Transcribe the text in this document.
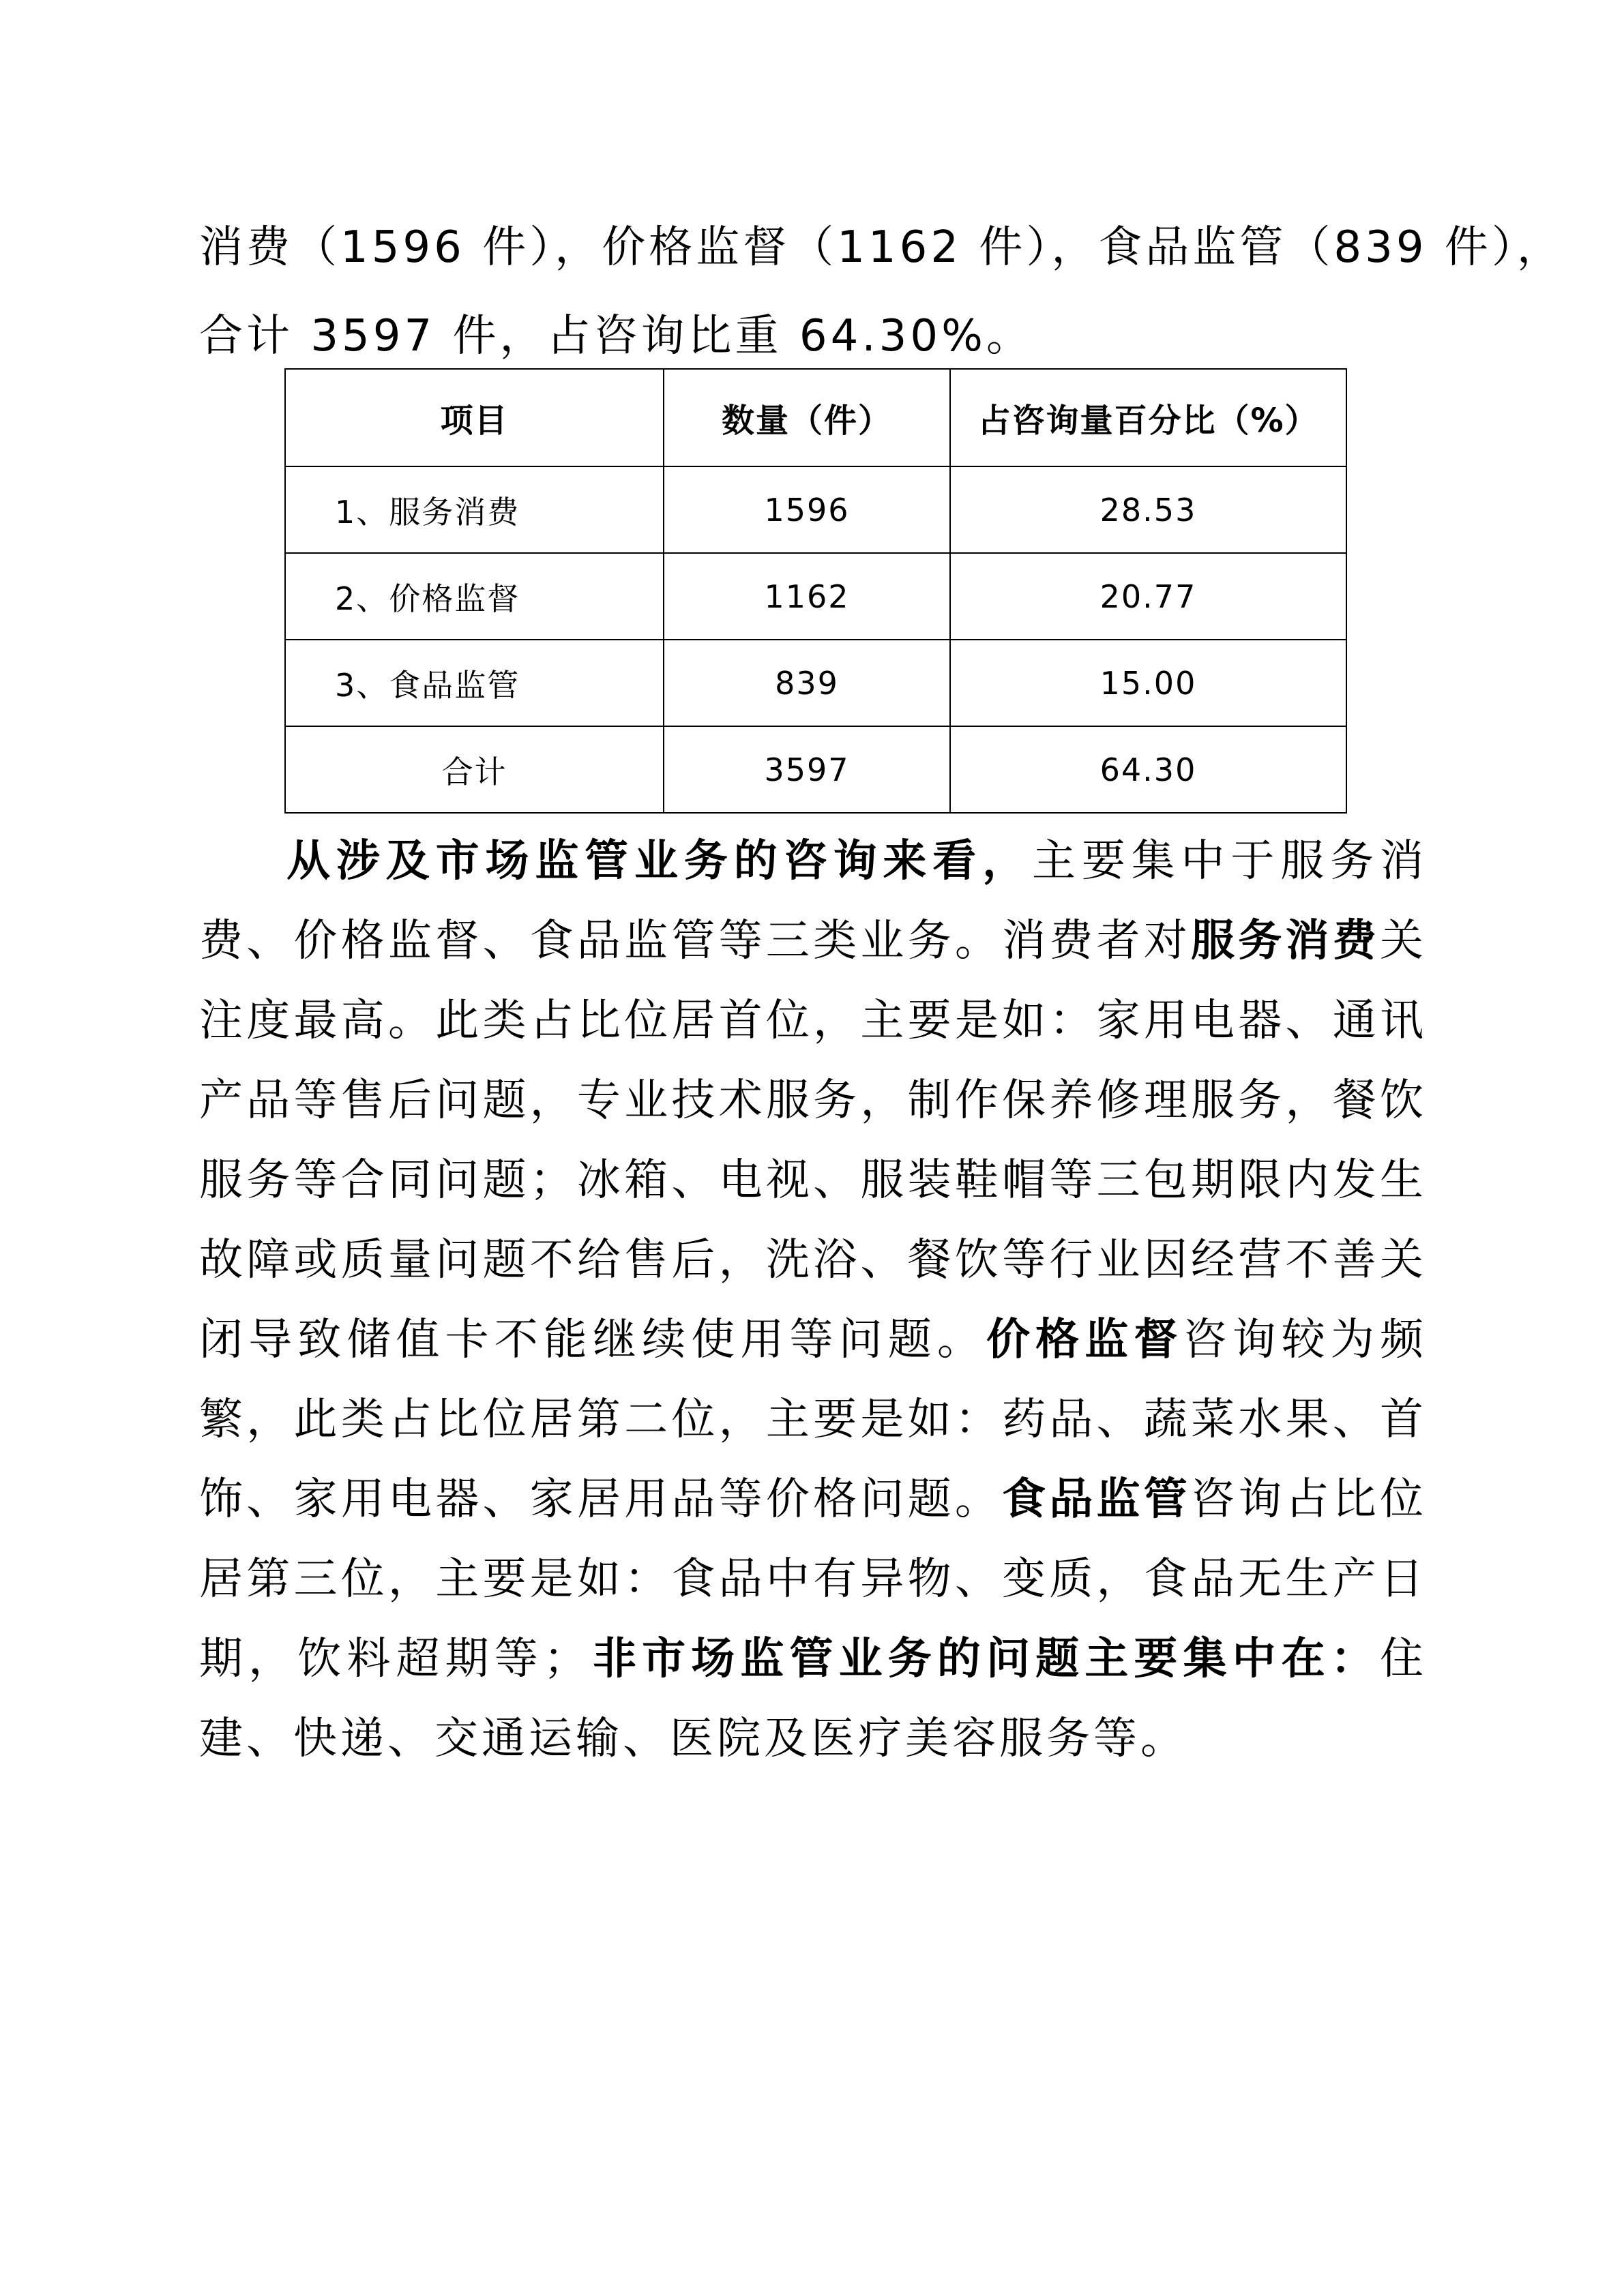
消费（1596 件），价格监督（1162 件），食品监管（839 件），
合计 3597 件，占咨询比重 64.30%。
项目	数量（件）	占咨询量百分比（%）
1、服务消费	1596	28.53
2、价格监督	1162	20.77
3、食品监管	839	15.00
合计	3597	64.30
从涉及市场监管业务的咨询来看，主要集中于服务消费、价格监督、食品监管等三类业务。消费者对服务消费关注度最高。此类占比位居首位，主要是如：家用电器、通讯产品等售后问题，专业技术服务，制作保养修理服务，餐饮服务等合同问题；冰箱、电视、服装鞋帽等三包期限内发生故障或质量问题不给售后，洗浴、餐饮等行业因经营不善关闭导致储值卡不能继续使用等问题。价格监督咨询较为频繁，此类占比位居第二位，主要是如：药品、蔬菜水果、首饰、家用电器、家居用品等价格问题。食品监管咨询占比位居第三位，主要是如：食品中有异物、变质，食品无生产日期，饮料超期等；非市场监管业务的问题主要集中在：住建、快递、交通运输、医院及医疗美容服务等。
